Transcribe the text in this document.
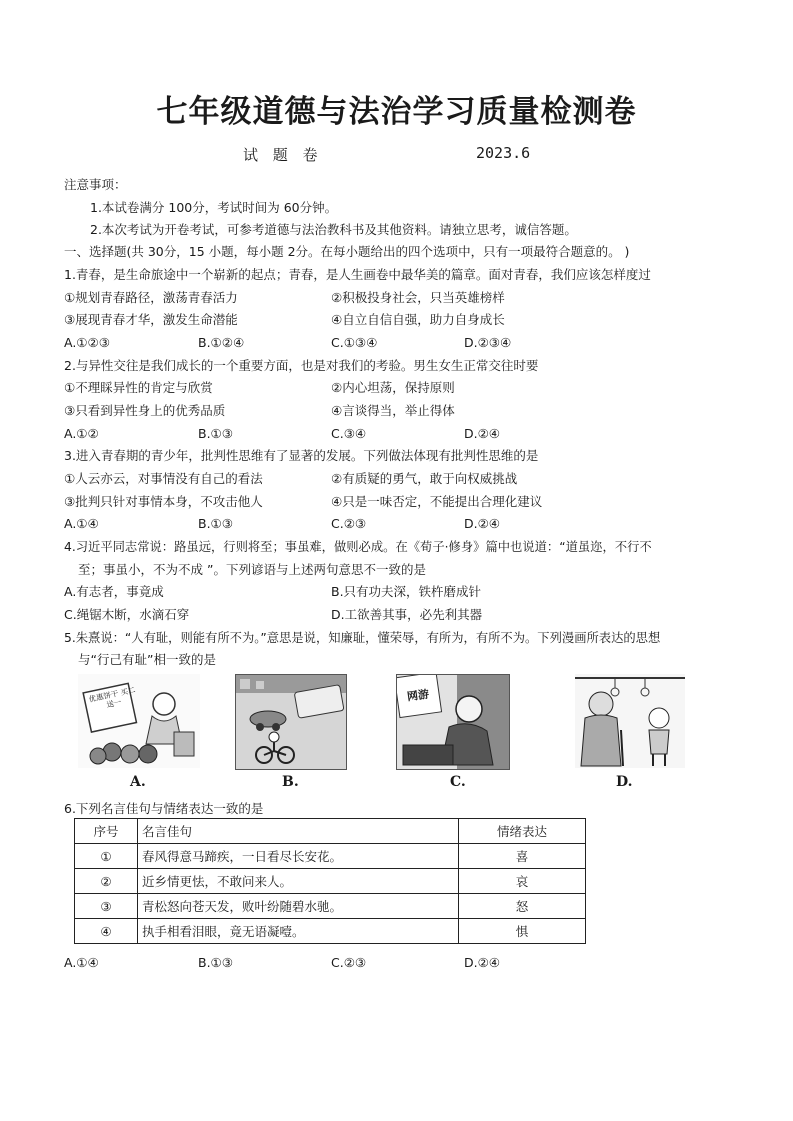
七年级道德与法治学习质量检测卷
试 题 卷	2023.6
注意事项：
1.本试卷满分 100分，考试时间为 60分钟。
2.本次考试为开卷考试，可参考道德与法治教科书及其他资料。请独立思考，诚信答题。
一、选择题(共 30分，15 小题，每小题 2分。在每小题给出的四个选项中，只有一项最符合题意的。 )
1.青春，是生命旅途中一个崭新的起点；青春，是人生画卷中最华美的篇章。面对青春，我们应该怎样度过
①规划青春路径，激荡青春活力	②积极投身社会，只当英雄榜样
③展现青春才华，激发生命潜能	④自立自信自强，助力自身成长
A.①②③	B.①②④	C.①③④	D.②③④
2.与异性交往是我们成长的一个重要方面，也是对我们的考验。男生女生正常交往时要
①不理睬异性的肯定与欣赏	②内心坦荡，保持原则
③只看到异性身上的优秀品质	④言谈得当，举止得体
A.①②	B.①③	C.③④	D.②④
3.进入青春期的青少年，批判性思维有了显著的发展。下列做法体现有批判性思维的是
①人云亦云，对事情没有自己的看法	②有质疑的勇气，敢于向权威挑战
③批判只针对事情本身，不攻击他人	④只是一味否定，不能提出合理化建议
A.①④	B.①③	C.②③	D.②④
4.习近平同志常说：路虽远，行则将至；事虽难，做则必成。在《荀子·修身》篇中也说道：“道虽迩，不行不
至；事虽小，不为不成 ”。下列谚语与上述两句意思不一致的是
A.有志者，事竟成	B.只有功夫深，铁杵磨成针
C.绳锯木断，水滴石穿	D.工欲善其事，必先利其器
5.朱熹说：“人有耻，则能有所不为。”意思是说，知廉耻，懂荣辱，有所为，有所不为。下列漫画所表达的思想
与“行己有耻”相一致的是
优惠饼干 买二送一	网游
A.	B.	C.	D.
6.下列名言佳句与情绪表达一致的是
序号	名言佳句	情绪表达
①	春风得意马蹄疾，一日看尽长安花。	喜
②	近乡情更怯，不敢问来人。	哀
③	青松怒向苍天发，败叶纷随碧水驰。	怒
④	执手相看泪眼，竟无语凝噎。	惧
A.①④	B.①③	C.②③	D.②④
